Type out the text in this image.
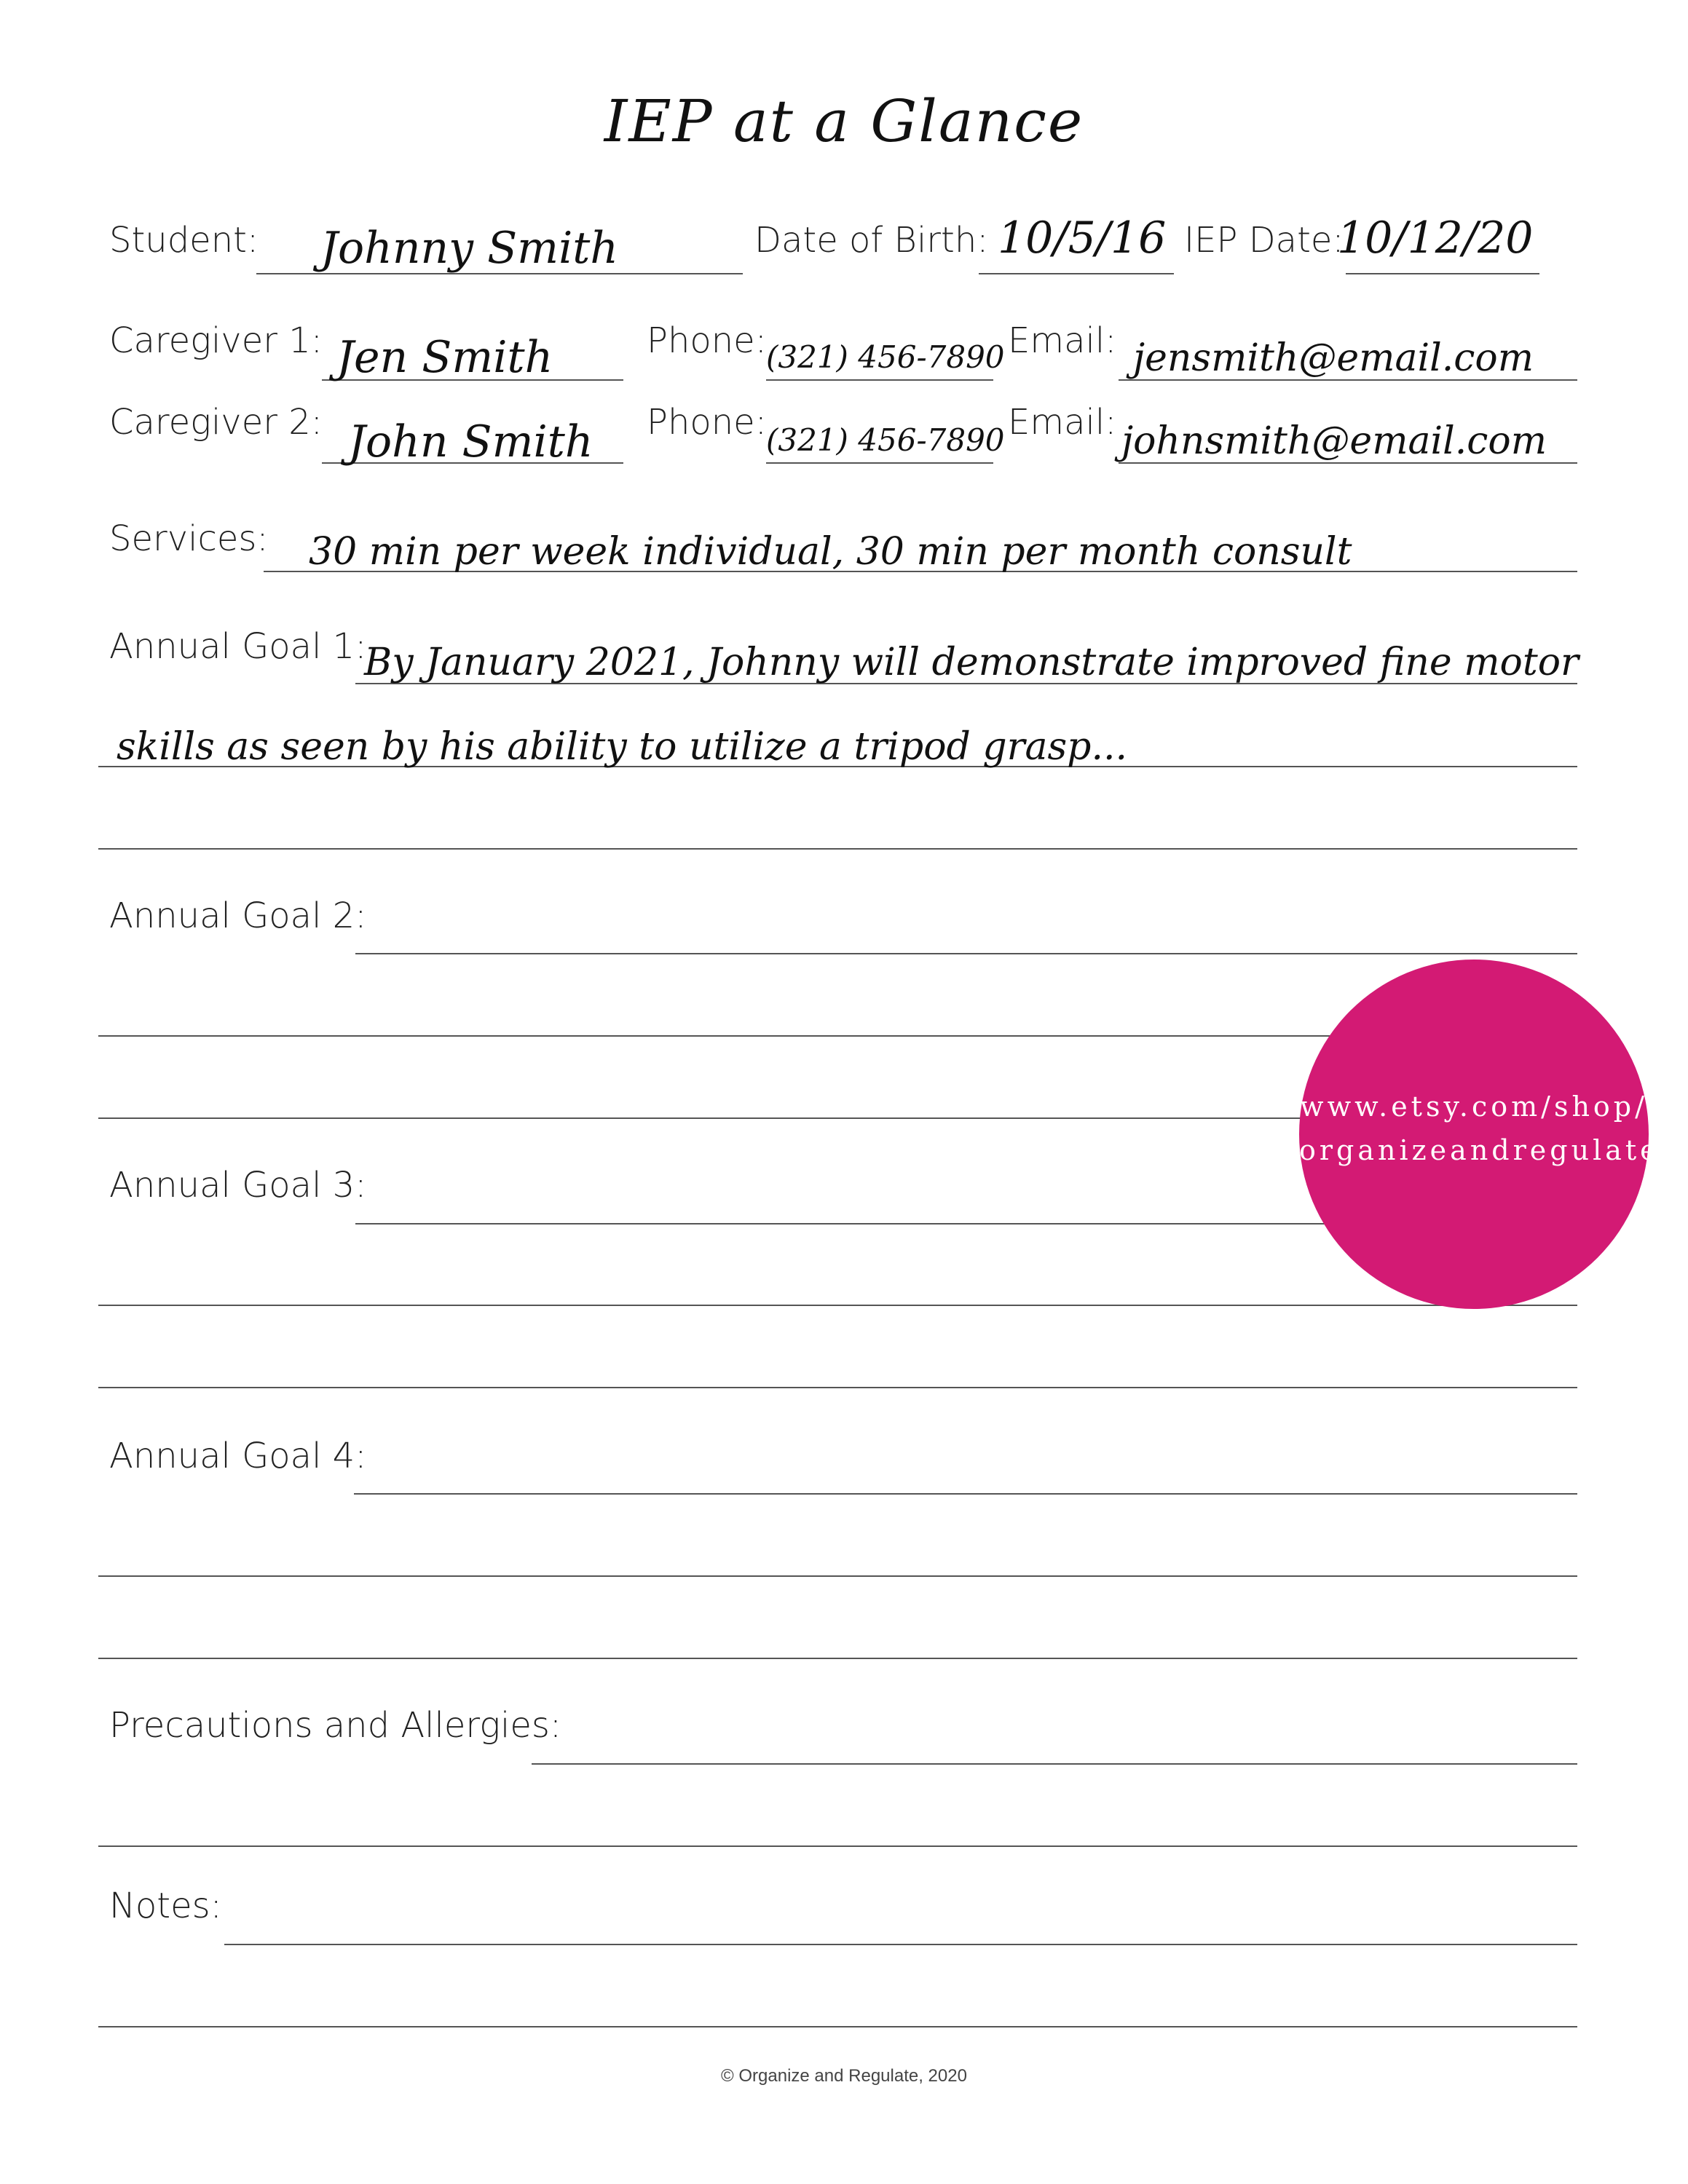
IEP at a Glance
Student: Johnny Smith	Date of Birth: 10/5/16 IEP Date:
10/12/20
Caregiver 1: Jen Smith	Phone: (321) 456-7890 Email: jensmith@email.com
Caregiver 2: John Smith Phone: (321) 456-7890 Email: johnsmith@email.com
Services: 30 min per week individual, 30 min per month consult
Annual Goal 1:
By January 2021, Johnny will demonstrate improved fine motor
skills as seen by his ability to utilize a tripod grasp...
Annual Goal 2:
Annual Goal 3:
Annual Goal 4:
Precautions and Allergies:
Notes:
www.etsy.com/shop/
organizeandregulate
© Organize and Regulate, 2020
